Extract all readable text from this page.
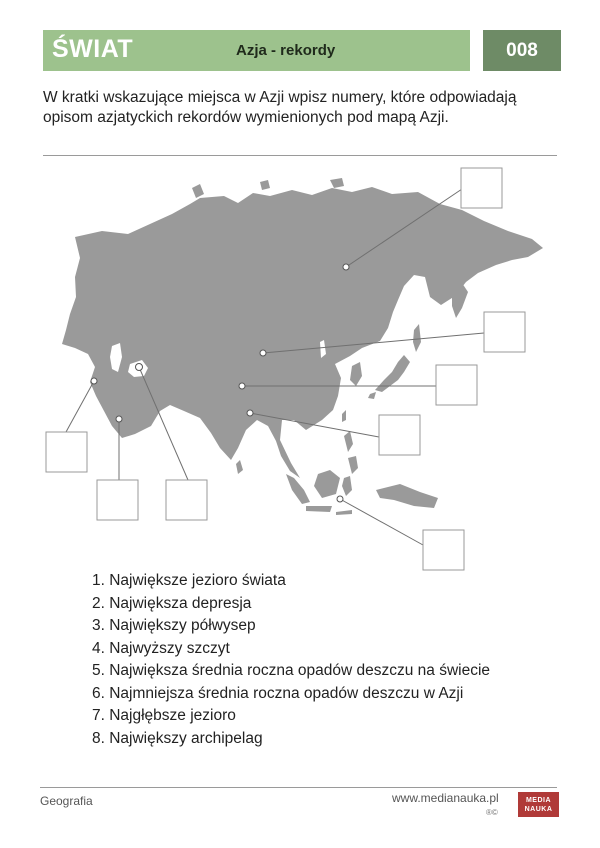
ŚWIAT	Azja - rekordy	008
W kratki wskazujące miejsca w Azji wpisz numery, które odpowiadają opisom azjatyckich rekordów wymienionych pod mapą Azji.
1. Największe jezioro świata
2. Największa depresja
3. Największy półwysep
4. Najwyższy szczyt
5. Największa średnia roczna opadów deszczu na świecie
6. Najmniejsza średnia roczna opadów deszczu w Azji
7. Najgłębsze jezioro
8. Największy archipelag
Geografia	www.medianauka.pl
®©
MEDIA
NAUKA
